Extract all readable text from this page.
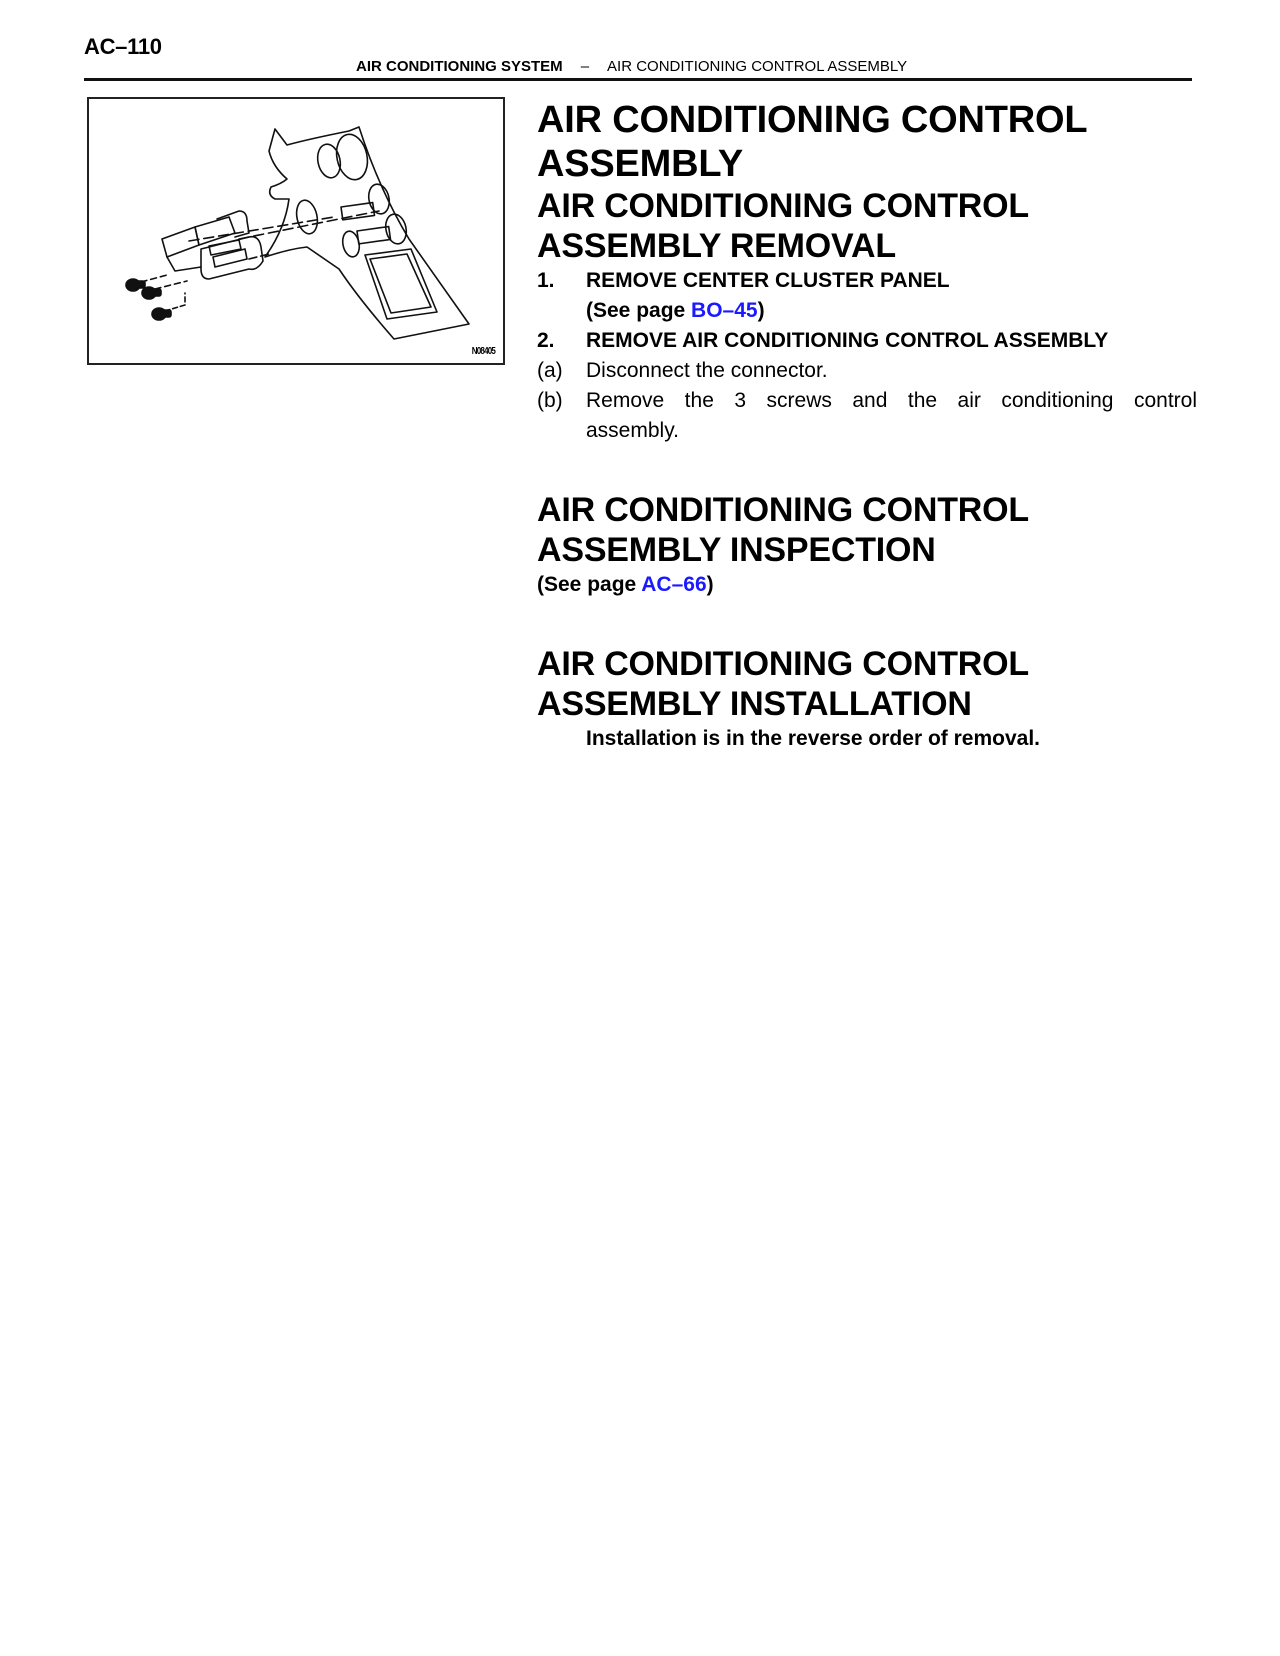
AC–110
AIR CONDITIONING SYSTEM – AIR CONDITIONING CONTROL ASSEMBLY
N08405
AIR CONDITIONING CONTROL
ASSEMBLY
AIR CONDITIONING CONTROL
ASSEMBLY REMOVAL
1.	REMOVE CENTER CLUSTER PANEL
(See page BO–45)
2.	REMOVE AIR CONDITIONING CONTROL ASSEMBLY
(a)	Disconnect the connector.
(b)	Remove the 3 screws and the air conditioning control
assembly.
AIR CONDITIONING CONTROL
ASSEMBLY INSPECTION
(See page AC–66)
AIR CONDITIONING CONTROL
ASSEMBLY INSTALLATION
Installation is in the reverse order of removal.
